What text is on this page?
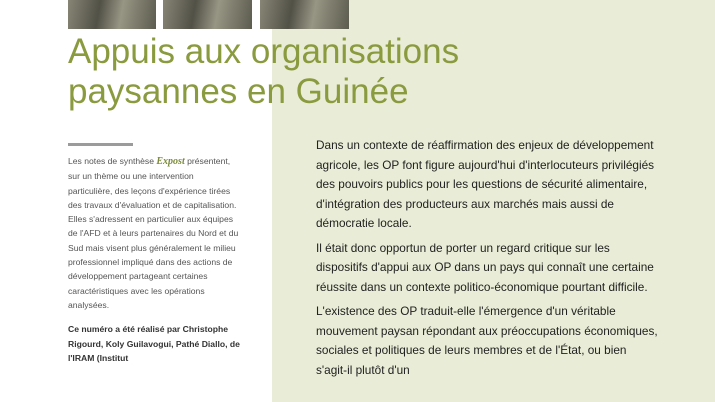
Appuis aux organisations
paysannes en Guinée

Les notes de synthèse Expost présentent, sur un thème ou une intervention particulière, des leçons d'expérience tirées des travaux d'évaluation et de capitalisation. Elles s'adressent en particulier aux équipes de l'AFD et à leurs partenaires du Nord et du Sud mais visent plus généralement le milieu professionnel impliqué dans des actions de développement partageant certaines caractéristiques avec les opérations analysées.

Ce numéro a été réalisé par Christophe Rigourd, Koly Guilavogui, Pathé Diallo, de l'IRAM (Institut

Dans un contexte de réaffirmation des enjeux de développement agricole, les OP font figure aujourd'hui d'interlocuteurs privilégiés des pouvoirs publics pour les questions de sécurité alimentaire, d'intégration des producteurs aux marchés mais aussi de démocratie locale.

Il était donc opportun de porter un regard critique sur les dispositifs d'appui aux OP dans un pays qui connaît une certaine réussite dans un contexte politico-économique pourtant difficile.

L'existence des OP traduit-elle l'émergence d'un véritable mouvement paysan répondant aux préoccupations économiques, sociales et politiques de leurs membres et de l'État, ou bien s'agit-il plutôt d'un
